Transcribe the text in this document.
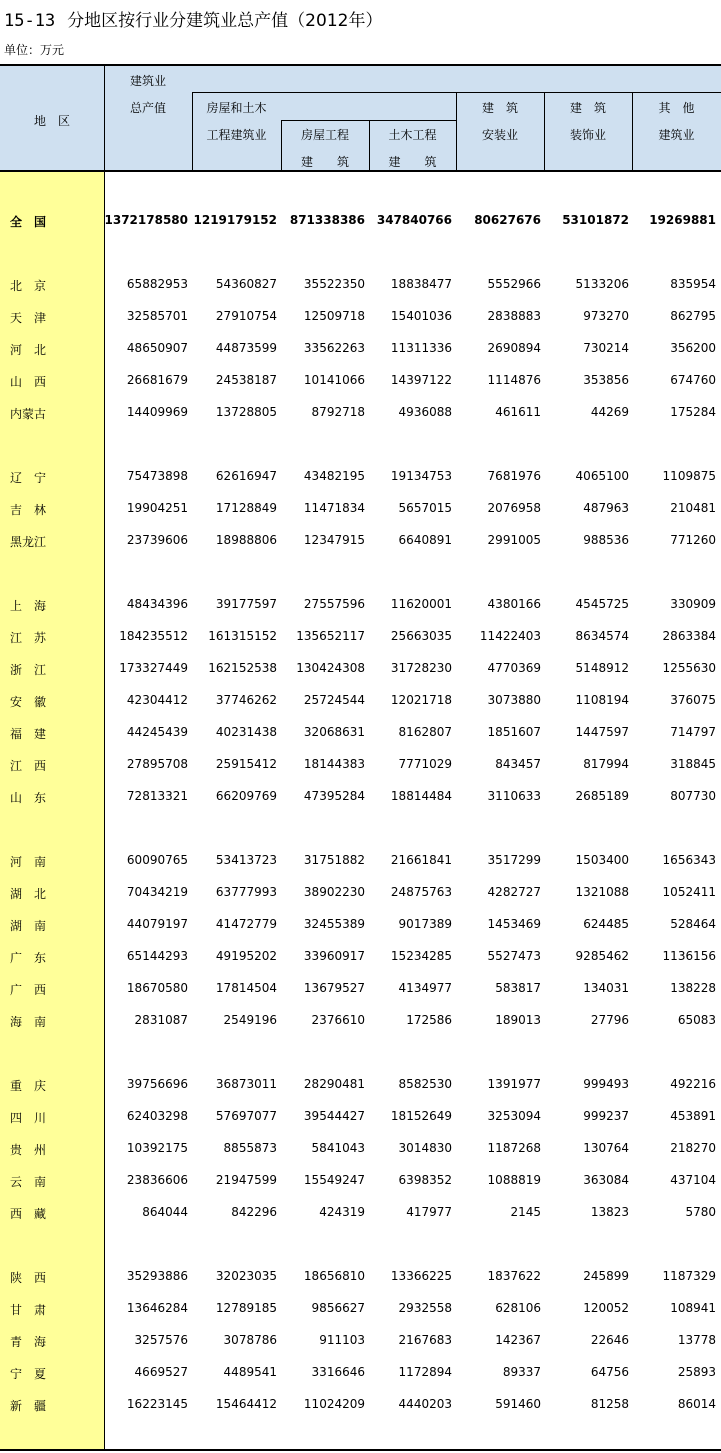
15-13 分地区按行业分建筑业总产值（2012年）
单位：万元
地　区
建筑业
总产值	房屋和土木
工程建筑业	房屋工程
建　　筑
土木工程
建　　筑
建　筑
安装业
建　筑
装饰业
其　他
建筑业
全　国	1372178580 1219179152 871338386 347840766 80627676 53101872 19269881
北　京	65882953 54360827 35522350 18838477	5552966	5133206	835954
天　津	32585701 27910754 12509718 15401036	2838883	973270	862795
河　北	48650907 44873599 33562263 11311336	2690894	730214	356200
山　西	26681679 24538187 10141066 14397122	1114876	353856	674760
内蒙古	14409969 13728805	8792718	4936088	461611	44269	175284
辽　宁	75473898 62616947 43482195 19134753	7681976	4065100	1109875
吉　林	19904251 17128849 11471834	5657015	2076958	487963	210481
黑龙江	23739606 18988806 12347915	6640891	2991005	988536	771260
上　海	48434396 39177597 27557596 11620001	4380166	4545725	330909
江　苏	184235512 161315152 135652117 25663035 11422403	8634574	2863384
浙　江	173327449 162152538 130424308 31728230	4770369	5148912	1255630
安　徽	42304412 37746262 25724544 12021718	3073880	1108194	376075
福　建	44245439 40231438 32068631	8162807	1851607	1447597	714797
江　西	27895708 25915412 18144383	7771029	843457	817994	318845
山　东	72813321 66209769 47395284 18814484	3110633	2685189	807730
河　南	60090765 53413723 31751882 21661841	3517299	1503400	1656343
湖　北	70434219 63777993 38902230 24875763	4282727	1321088	1052411
湖　南	44079197 41472779 32455389	9017389	1453469	624485	528464
广　东	65144293 49195202 33960917 15234285	5527473	9285462	1136156
广　西	18670580 17814504 13679527	4134977	583817	134031	138228
海　南	2831087	2549196	2376610	172586	189013	27796	65083
重　庆	39756696 36873011 28290481	8582530	1391977	999493	492216
四　川	62403298 57697077 39544427 18152649	3253094	999237	453891
贵　州	10392175	8855873	5841043	3014830	1187268	130764	218270
云　南	23836606 21947599 15549247	6398352	1088819	363084	437104
西　藏	864044	842296	424319	417977	2145	13823	5780
陕　西	35293886 32023035 18656810 13366225	1837622	245899	1187329
甘　肃	13646284 12789185	9856627	2932558	628106	120052	108941
青　海	3257576	3078786	911103	2167683	142367	22646	13778
宁　夏	4669527	4489541	3316646	1172894	89337	64756	25893
新　疆	16223145 15464412 11024209	4440203	591460	81258	86014
